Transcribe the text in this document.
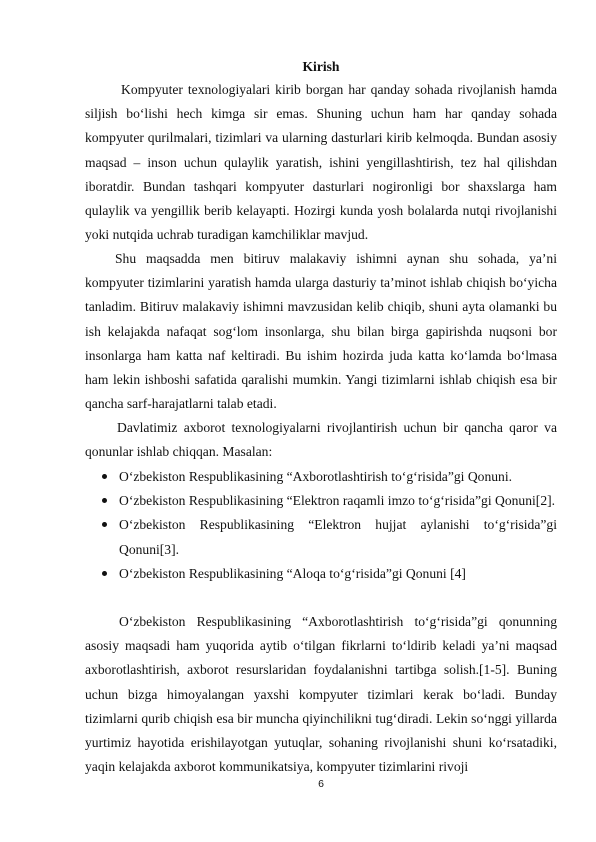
Kirish

Kompyuter texnologiyalari kirib borgan har qanday sohada rivojlanish hamda siljish bo‘lishi hech kimga sir emas. Shuning uchun ham har qanday sohada kompyuter qurilmalari, tizimlari va ularning dasturlari kirib kelmoqda. Bundan asosiy maqsad – inson uchun qulaylik yaratish, ishini yengillashtirish, tez hal qilishdan iboratdir. Bundan tashqari kompyuter dasturlari nogironligi bor shaxslarga ham qulaylik va yengillik berib kelayapti. Hozirgi kunda yosh bolalarda nutqi rivojlanishi yoki nutqida uchrab turadigan kamchiliklar mavjud.

Shu maqsadda men bitiruv malakaviy ishimni aynan shu sohada, ya’ni kompyuter tizimlarini yaratish hamda ularga dasturiy ta’minot ishlab chiqish bo‘yicha tanladim. Bitiruv malakaviy ishimni mavzusidan kelib chiqib, shuni ayta olamanki bu ish kelajakda nafaqat sog‘lom insonlarga, shu bilan birga gapirishda nuqsoni bor insonlarga ham katta naf keltiradi. Bu ishim hozirda juda katta ko‘lamda bo‘lmasa ham lekin ishboshi safatida qaralishi mumkin. Yangi tizimlarni ishlab chiqish esa bir qancha sarf-harajatlarni talab etadi.

Davlatimiz axborot texnologiyalarni rivojlantirish uchun bir qancha qaror va qonunlar ishlab chiqqan. Masalan:

O‘zbekiston Respublikasining “Axborotlashtirish to‘g‘risida”gi Qonuni.
O‘zbekiston Respublikasining “Elektron raqamli imzo to‘g‘risida”gi Qonuni[2].
O‘zbekiston Respublikasining “Elektron hujjat aylanishi to‘g‘risida”gi Qonuni[3].
O‘zbekiston Respublikasining “Aloqa to‘g‘risida”gi Qonuni [4]

O‘zbekiston Respublikasining “Axborotlashtirish to‘g‘risida”gi qonunning asosiy maqsadi ham yuqorida aytib o‘tilgan fikrlarni to‘ldirib keladi ya’ni maqsad axborotlashtirish, axborot resurslaridan foydalanishni tartibga solish.[1-5]. Buning uchun bizga himoyalangan yaxshi kompyuter tizimlari kerak bo‘ladi. Bunday tizimlarni qurib chiqish esa bir muncha qiyinchilikni tug‘diradi. Lekin so‘nggi yillarda yurtimiz hayotida erishilayotgan yutuqlar, sohaning rivojlanishi shuni ko‘rsatadiki, yaqin kelajakda axborot kommunikatsiya, kompyuter tizimlarini rivoji

6
